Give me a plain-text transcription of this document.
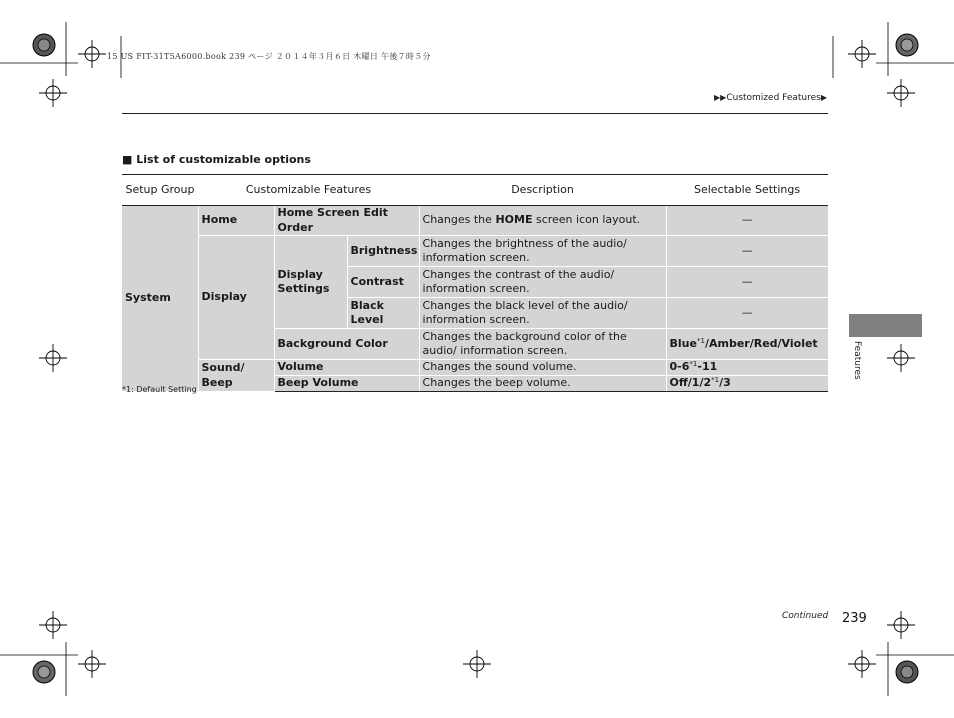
15 US FIT-31T5A6000.book 239 ページ ２０１４年３月６日 木曜日 午後７時５分
▶▶Customized Features▶
■ List of customizable options
Setup Group	Customizable Features			Description	Selectable Settings
System	Home	Home Screen Edit Order		Changes the HOME screen icon layout.	—
	Display	Display Settings	Brightness	Changes the brightness of the audio/ information screen.	—
			Contrast	Changes the contrast of the audio/ information screen.	—
			Black Level	Changes the black level of the audio/ information screen.	—
		Background Color		Changes the background color of the audio/ information screen.	Blue$^{*1}$/Amber/Red/Violet
	Sound/ Beep	Volume		Changes the sound volume.	0-6$^{*1}$-11
		Beep Volume		Changes the beep volume.	Off/1/2$^{*1}$/3
*1: Default Setting
Features
Continued 239
